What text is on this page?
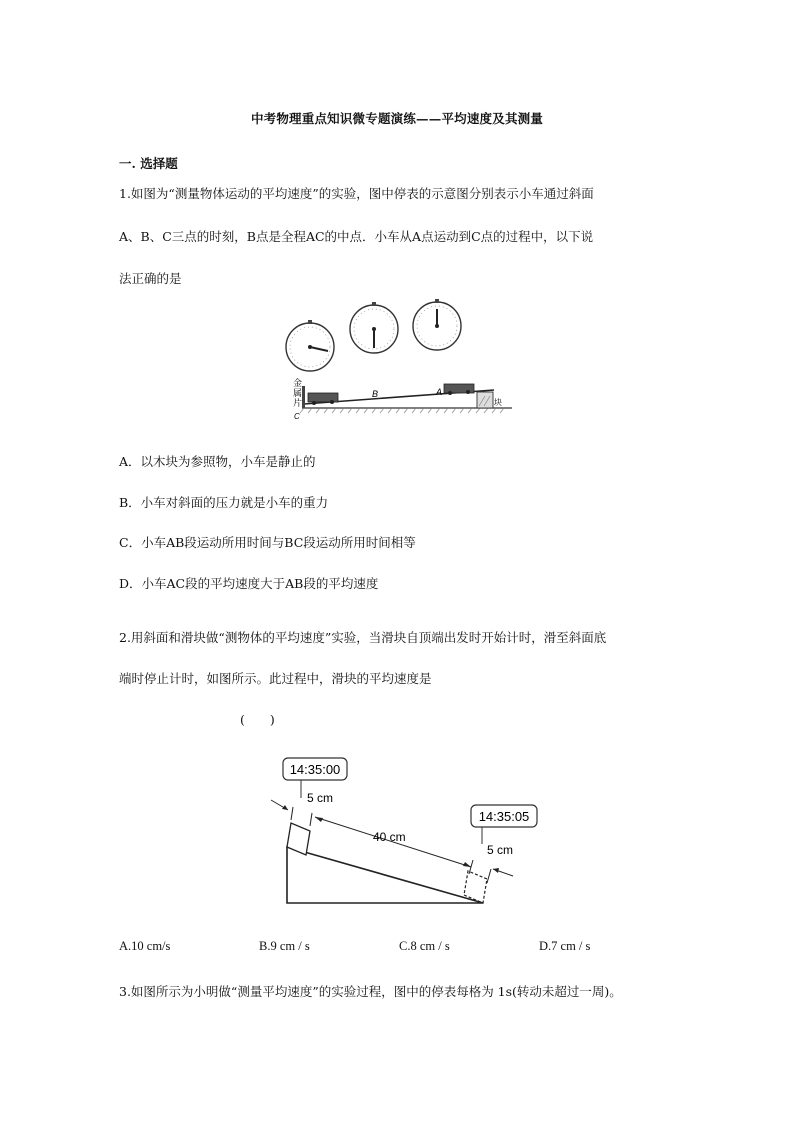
中考物理重点知识微专题演练——平均速度及其测量
一. 选择题
1.如图为“测量物体运动的平均速度”的实验，图中停表的示意图分别表示小车通过斜面
A、B、C三点的时刻，B点是全程AC的中点．小车从A点运动到C点的过程中，以下说
法正确的是
金
属
片
B	A
C
块
A．以木块为参照物，小车是静止的
B．小车对斜面的压力就是小车的重力
C．小车AB段运动所用时间与BC段运动所用时间相等
D．小车AC段的平均速度大于AB段的平均速度
2.用斜面和滑块做“测物体的平均速度”实验，当滑块自顶端出发时开始计时，滑至斜面底
端时停止计时，如图所示。此过程中，滑块的平均速度是
(　　)
14:35:00
14:35:05
5 cm
40 cm
5 cm
A.10 cm/s	B.9 cm / s	C.8 cm / s	D.7 cm / s
3.如图所示为小明做“测量平均速度”的实验过程，图中的停表每格为 1s(转动未超过一周)。
